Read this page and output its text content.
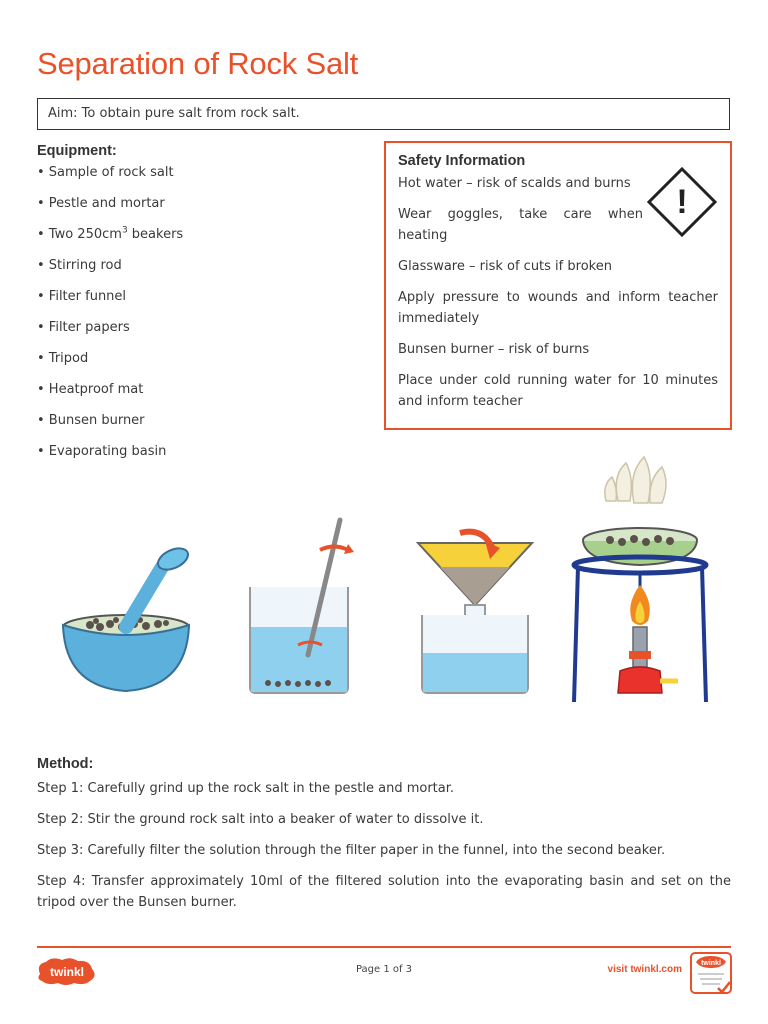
Separation of Rock Salt
Aim: To obtain pure salt from rock salt.
Equipment:
• Sample of rock salt
• Pestle and mortar
• Two $250cm^3$ beakers
• Stirring rod
• Filter funnel
• Filter papers
• Tripod
• Heatproof mat
• Bunsen burner
• Evaporating basin
Safety Information

Hot water – risk of scalds and burns

Wear goggles, take care when heating

Glassware – risk of cuts if broken

Apply pressure to wounds and inform teacher immediately

Bunsen burner – risk of burns

Place under cold running water for 10 minutes and inform teacher

!
Method:

Step 1: Carefully grind up the rock salt in the pestle and mortar.

Step 2: Stir the ground rock salt into a beaker of water to dissolve it.

Step 3: Carefully filter the solution through the filter paper in the funnel, into the second beaker.

Step 4: Transfer approximately 10ml of the filtered solution into the evaporating basin and set on the tripod over the Bunsen burner.

twinkl	Page 1 of 3	visit twinkl.com
twinkl
